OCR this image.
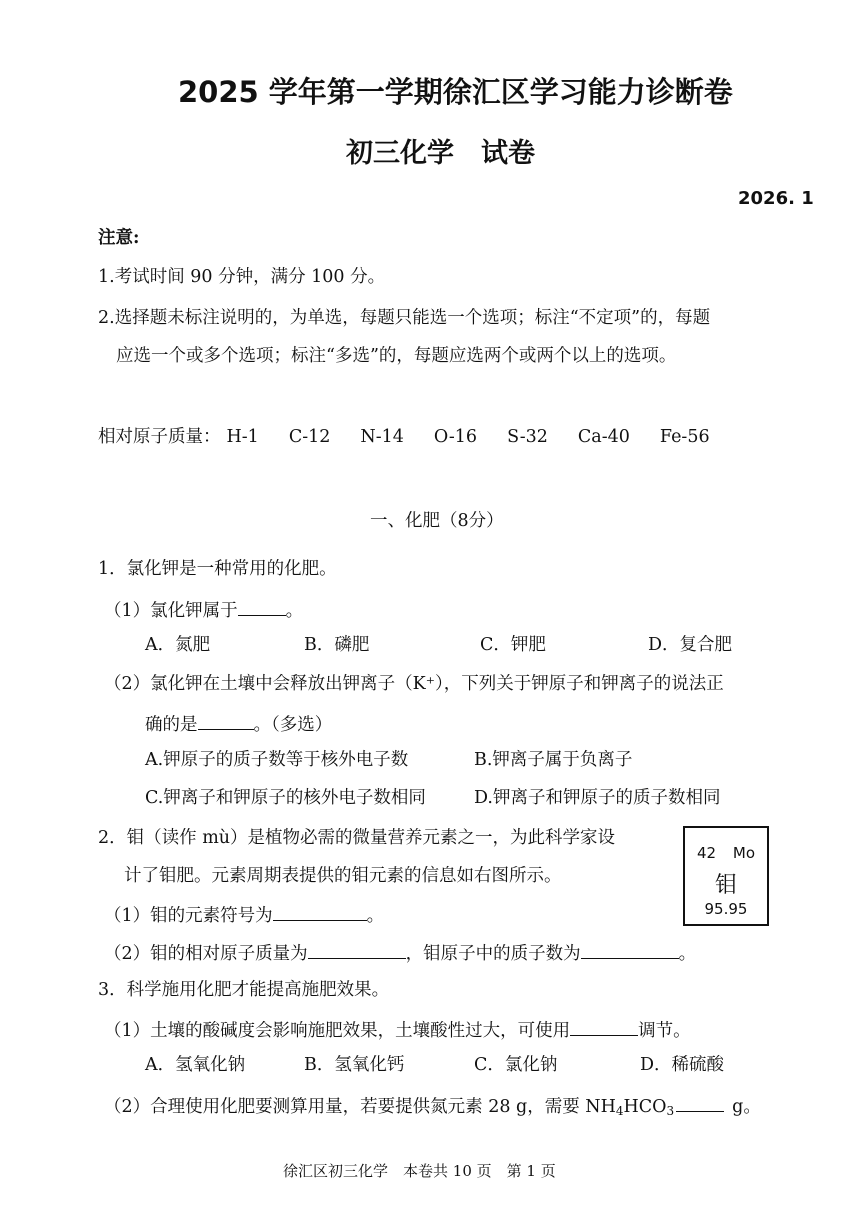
2025 学年第一学期徐汇区学习能力诊断卷
初三化学　试卷
2026. 1
注意:
1.考试时间 90 分钟，满分 100 分。
2.选择题未标注说明的，为单选，每题只能选一个选项；标注“不定项”的，每题
应选一个或多个选项；标注“多选”的，每题应选两个或两个以上的选项。
相对原子质量： H-1 C-12 N-14 O-16 S-32 Ca-40 Fe-56
一、化肥（8分）
1．氯化钾是一种常用的化肥。
（1）氯化钾属于	。
A．氮肥	B．磷肥	C．钾肥	D．复合肥
（2）氯化钾在土壤中会释放出钾离子（K⁺），下列关于钾原子和钾离子的说法正
确的是	。（多选）
A.钾原子的质子数等于核外电子数	B.钾离子属于负离子
C.钾离子和钾原子的核外电子数相同	D.钾离子和钾原子的质子数相同
2．钼（读作 mù）是植物必需的微量营养元素之一，为此科学家设
计了钼肥。元素周期表提供的钼元素的信息如右图所示。
（1）钼的元素符号为	。
（2）钼的相对原子质量为	，钼原子中的质子数为	。
42 Mo
钼
95.95
3．科学施用化肥才能提高施肥效果。
（1）土壤的酸碱度会影响施肥效果，土壤酸性过大，可使用	调节。
A．氢氧化钠	B．氢氧化钙	C．氯化钠	D．稀硫酸
（2）合理使用化肥要测算用量，若要提供氮元素 28 g，需要 $NH_4HCO_3$	g。
徐汇区初三化学　本卷共 10 页　第 1 页
